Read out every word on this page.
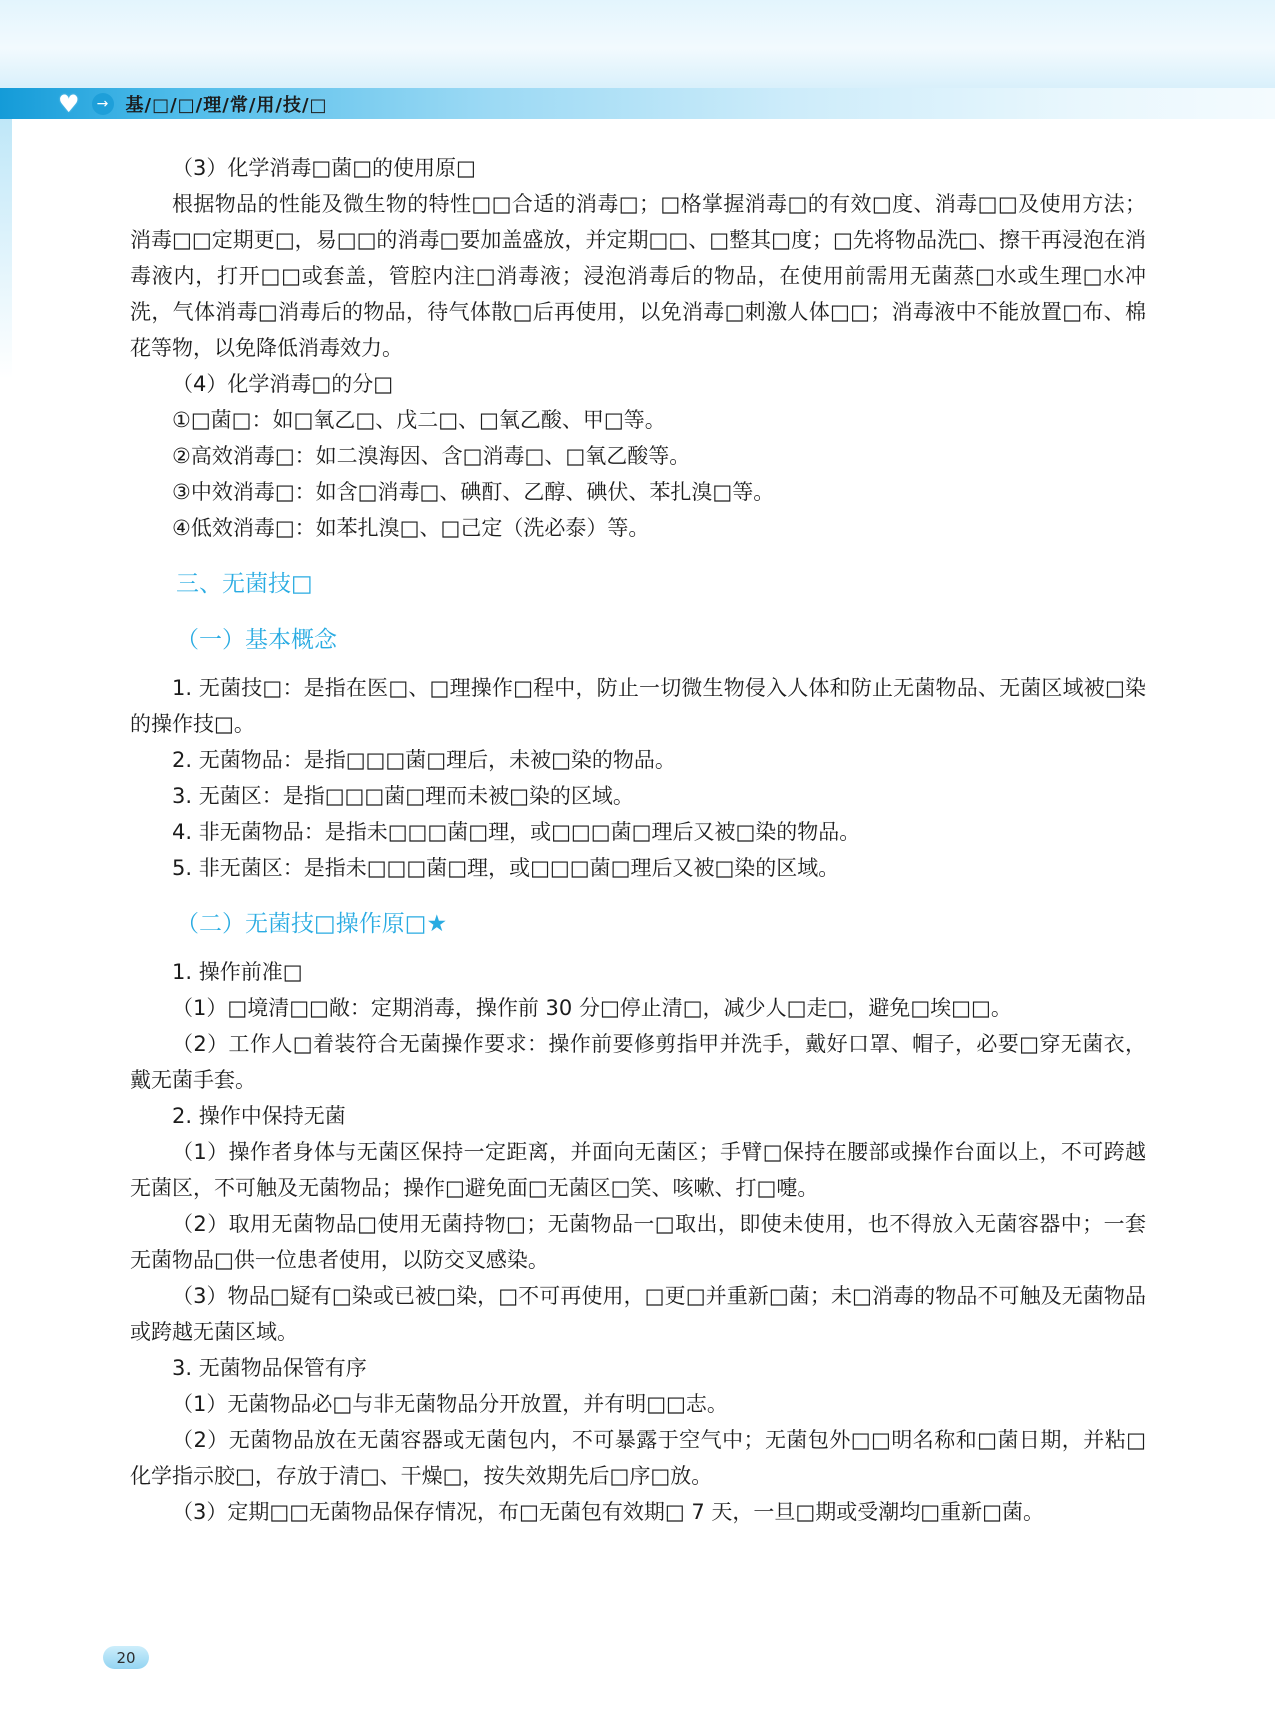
♥	→ 基/□/□/理/常/用/技/□

（3）化学消毒□菌□的使用原□

根据物品的性能及微生物的特性□□合适的消毒□；□格掌握消毒□的有效□度、消毒□□及使用方法；消毒□□定期更□，易□□的消毒□要加盖盛放，并定期□□、□整其□度；□先将物品洗□、擦干再浸泡在消毒液内，打开□□或套盖，管腔内注□消毒液；浸泡消毒后的物品，在使用前需用无菌蒸□水或生理□水冲洗，气体消毒□消毒后的物品，待气体散□后再使用，以免消毒□刺激人体□□；消毒液中不能放置□布、棉花等物，以免降低消毒效力。

（4）化学消毒□的分□

①□菌□：如□氧乙□、戊二□、□氧乙酸、甲□等。

②高效消毒□：如二溴海因、含□消毒□、□氧乙酸等。

③中效消毒□：如含□消毒□、碘酊、乙醇、碘伏、苯扎溴□等。

④低效消毒□：如苯扎溴□、□己定（洗必泰）等。

三、无菌技□

（一）基本概念

1. 无菌技□：是指在医□、□理操作□程中，防止一切微生物侵入人体和防止无菌物品、无菌区域被□染的操作技□。

2. 无菌物品：是指□□□菌□理后，未被□染的物品。

3. 无菌区：是指□□□菌□理而未被□染的区域。

4. 非无菌物品：是指未□□□菌□理，或□□□菌□理后又被□染的物品。

5. 非无菌区：是指未□□□菌□理，或□□□菌□理后又被□染的区域。

（二）无菌技□操作原□★

1. 操作前准□

（1）□境清□□敞：定期消毒，操作前 30 分□停止清□，减少人□走□，避免□埃□□。

（2）工作人□着装符合无菌操作要求：操作前要修剪指甲并洗手，戴好口罩、帽子，必要□穿无菌衣，戴无菌手套。

2. 操作中保持无菌

（1）操作者身体与无菌区保持一定距离，并面向无菌区；手臂□保持在腰部或操作台面以上，不可跨越无菌区，不可触及无菌物品；操作□避免面□无菌区□笑、咳嗽、打□嚏。

（2）取用无菌物品□使用无菌持物□；无菌物品一□取出，即使未使用，也不得放入无菌容器中；一套无菌物品□供一位患者使用，以防交叉感染。

（3）物品□疑有□染或已被□染，□不可再使用，□更□并重新□菌；未□消毒的物品不可触及无菌物品或跨越无菌区域。

3. 无菌物品保管有序

（1）无菌物品必□与非无菌物品分开放置，并有明□□志。

（2）无菌物品放在无菌容器或无菌包内，不可暴露于空气中；无菌包外□□明名称和□菌日期，并粘□化学指示胶□，存放于清□、干燥□，按失效期先后□序□放。

（3）定期□□无菌物品保存情况，布□无菌包有效期□ 7 天，一旦□期或受潮均□重新□菌。

20
